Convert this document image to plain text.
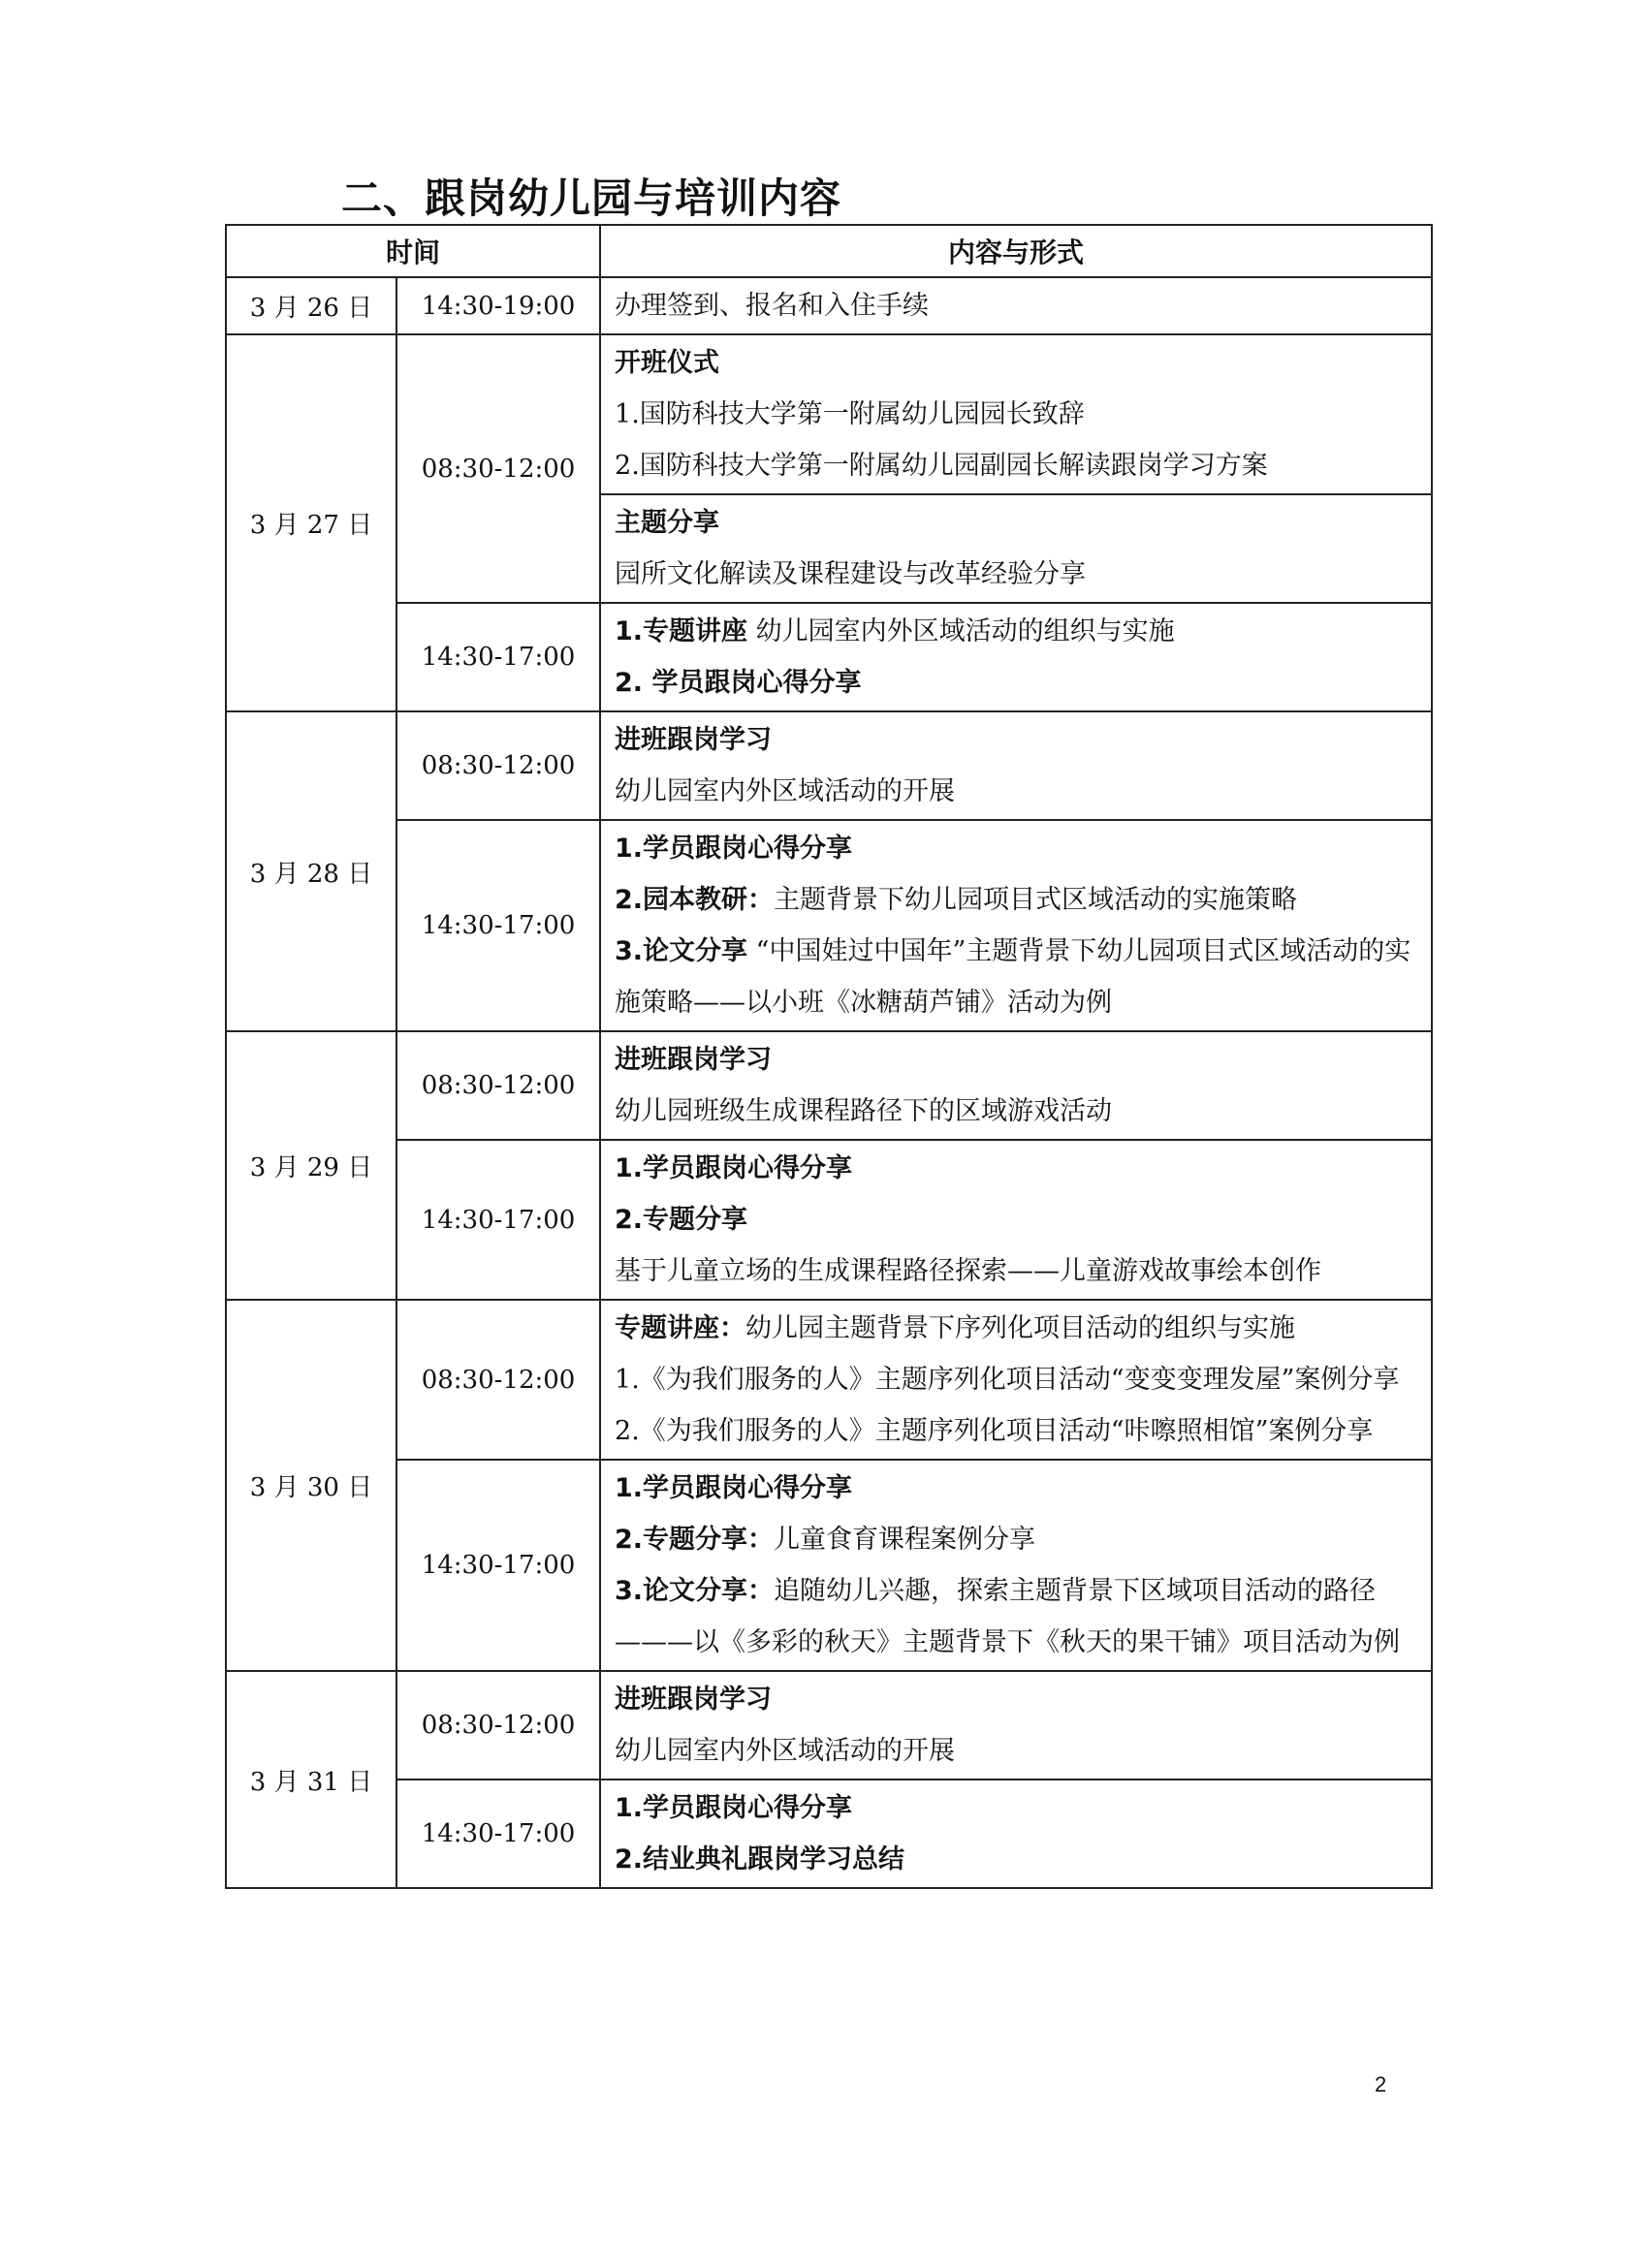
二、跟岗幼儿园与培训内容
时间		内容与形式
3 月 26 日	14:30-19:00	办理签到、报名和入住手续

3 月 27 日	08:30-12:00	开班仪式
1.国防科技大学第一附属幼儿园园长致辞
2.国防科技大学第一附属幼儿园副园长解读跟岗学习方案

		主题分享
园所文化解读及课程建设与改革经验分享

	14:30-17:00	1.专题讲座 幼儿园室内外区域活动的组织与实施
2. 学员跟岗心得分享

3 月 28 日	08:30-12:00	进班跟岗学习
幼儿园室内外区域活动的开展

	14:30-17:00	1.学员跟岗心得分享
2.园本教研：主题背景下幼儿园项目式区域活动的实施策略
3.论文分享 “中国娃过中国年”主题背景下幼儿园项目式区域活动的实施策略——以小班《冰糖葫芦铺》活动为例

3 月 29 日	08:30-12:00	进班跟岗学习
幼儿园班级生成课程路径下的区域游戏活动

	14:30-17:00	1.学员跟岗心得分享
2.专题分享
基于儿童立场的生成课程路径探索——儿童游戏故事绘本创作

3 月 30 日	08:30-12:00	专题讲座：幼儿园主题背景下序列化项目活动的组织与实施
1.《为我们服务的人》主题序列化项目活动“变变变理发屋”案例分享
2.《为我们服务的人》主题序列化项目活动“咔嚓照相馆”案例分享

	14:30-17:00	1.学员跟岗心得分享
2.专题分享：儿童食育课程案例分享
3.论文分享：追随幼儿兴趣，探索主题背景下区域项目活动的路径———以《多彩的秋天》主题背景下《秋天的果干铺》项目活动为例

3 月 31 日	08:30-12:00	进班跟岗学习
幼儿园室内外区域活动的开展

	14:30-17:00	1.学员跟岗心得分享
2.结业典礼跟岗学习总结
2
